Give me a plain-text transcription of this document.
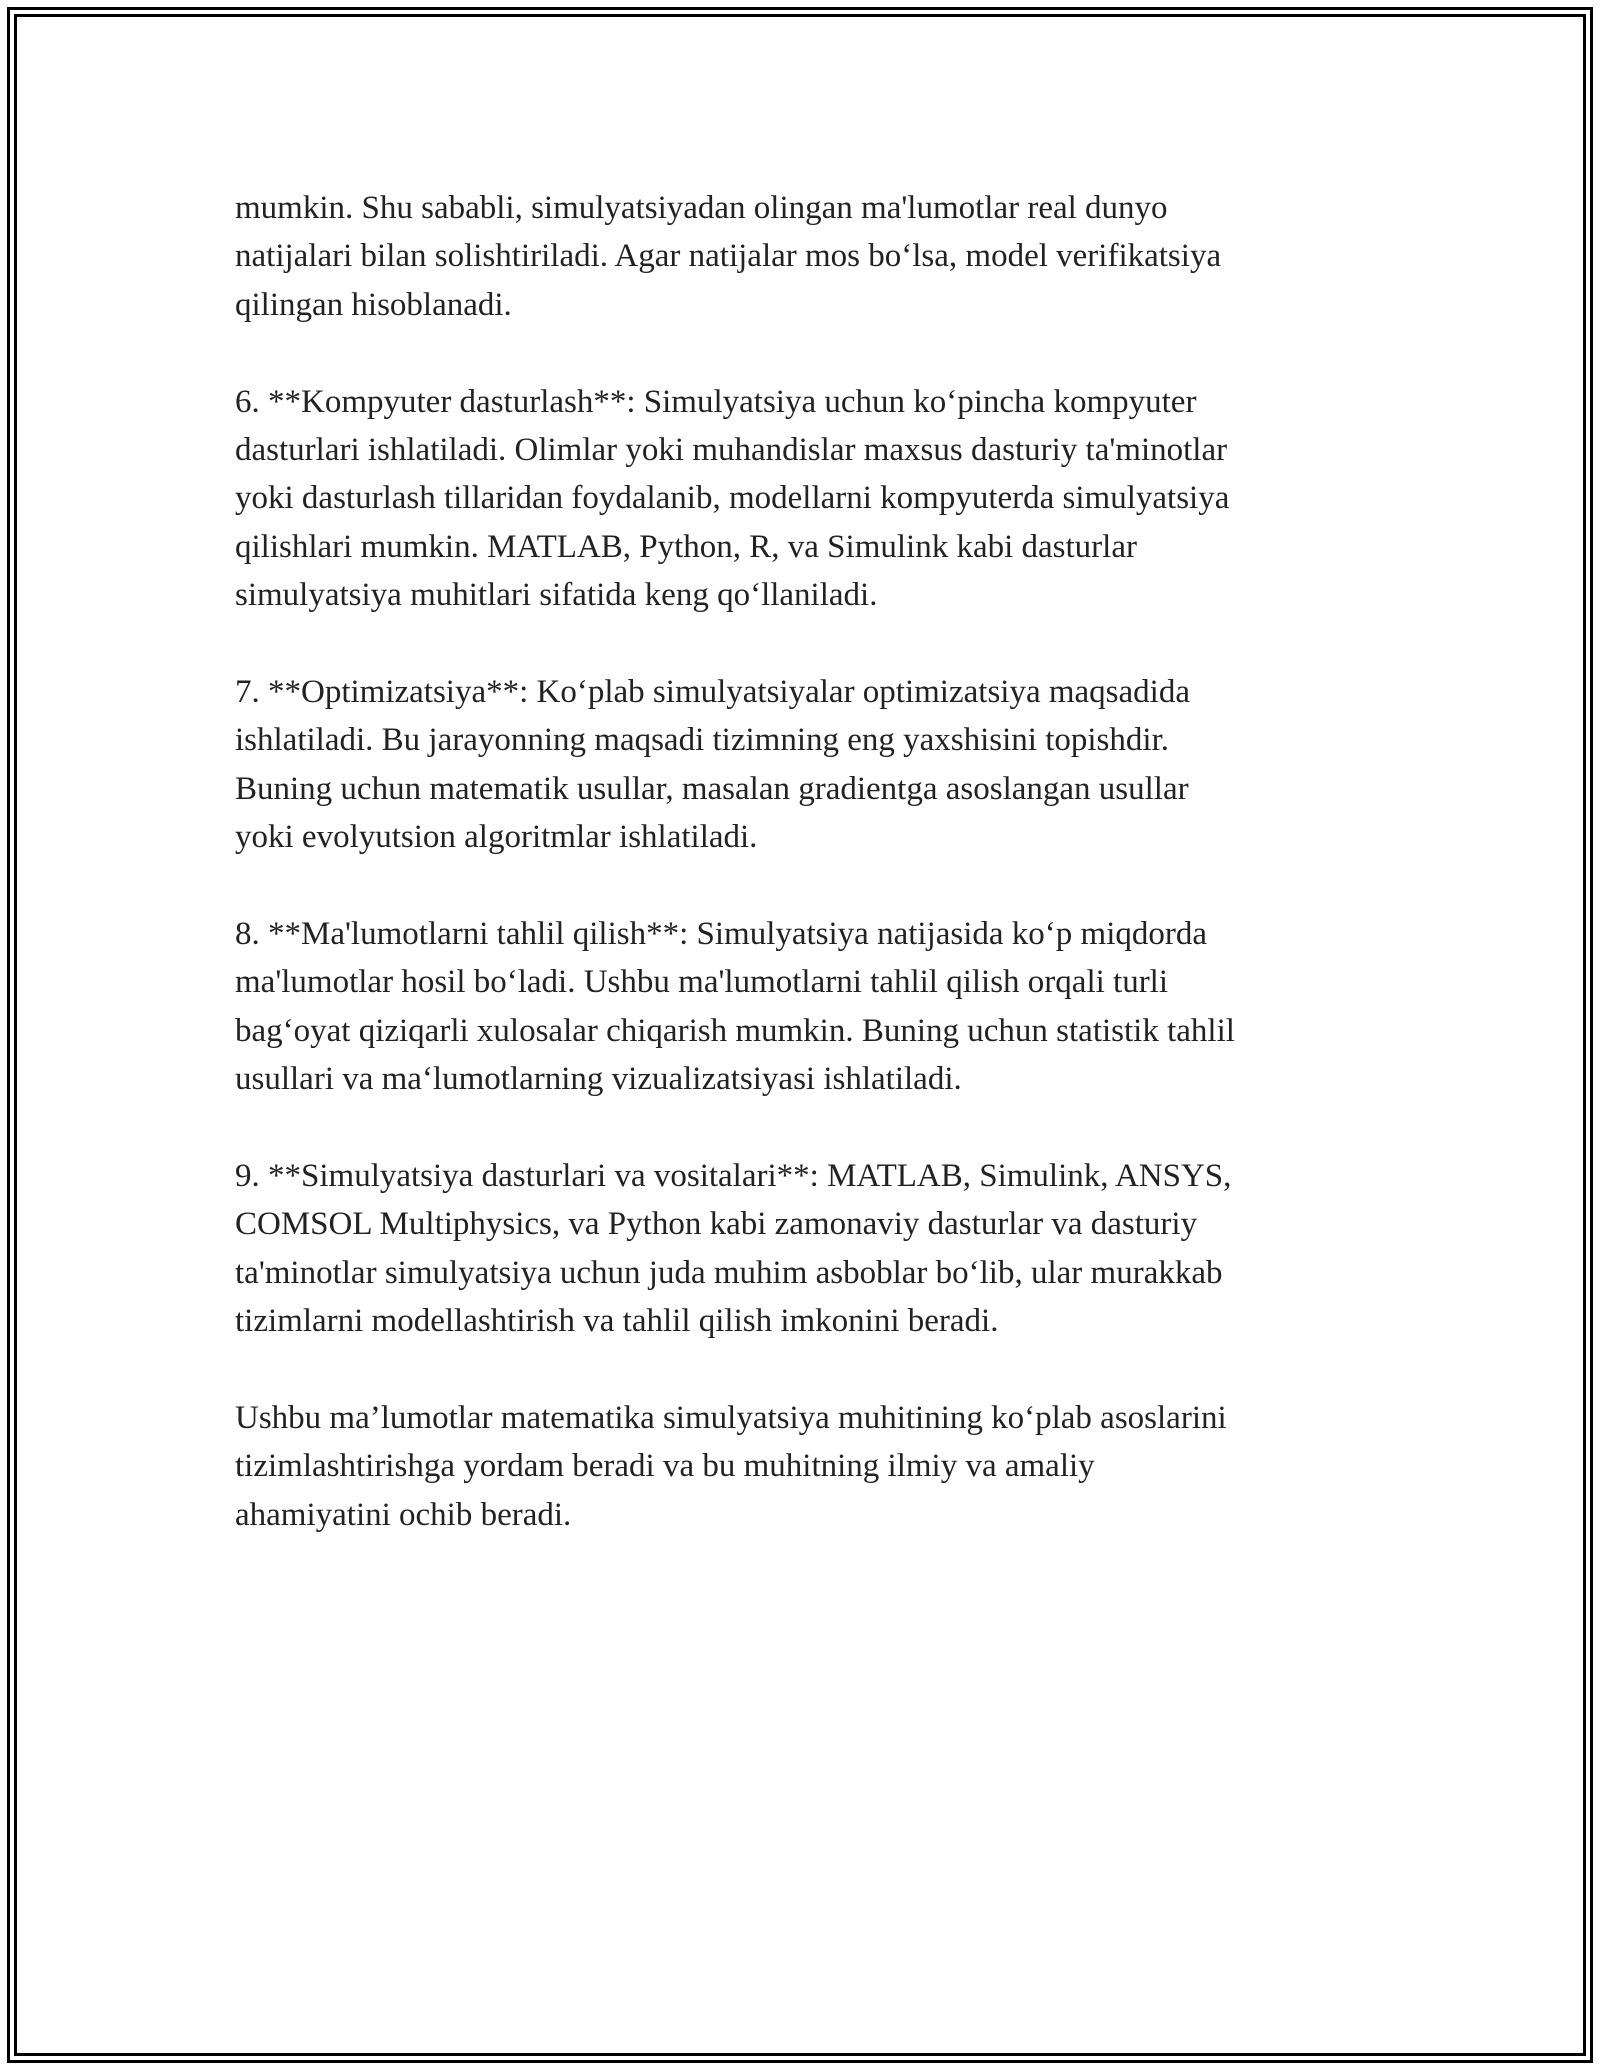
mumkin. Shu sababli, simulyatsiyadan olingan ma'lumotlar real dunyo
natijalari bilan solishtiriladi. Agar natijalar mos bo‘lsa, model verifikatsiya
qilingan hisoblanadi.

6. **Kompyuter dasturlash**: Simulyatsiya uchun ko‘pincha kompyuter
dasturlari ishlatiladi. Olimlar yoki muhandislar maxsus dasturiy ta'minotlar
yoki dasturlash tillaridan foydalanib, modellarni kompyuterda simulyatsiya
qilishlari mumkin. MATLAB, Python, R, va Simulink kabi dasturlar
simulyatsiya muhitlari sifatida keng qo‘llaniladi.

7. **Optimizatsiya**: Ko‘plab simulyatsiyalar optimizatsiya maqsadida
ishlatiladi. Bu jarayonning maqsadi tizimning eng yaxshisini topishdir.
Buning uchun matematik usullar, masalan gradientga asoslangan usullar
yoki evolyutsion algoritmlar ishlatiladi.

8. **Ma'lumotlarni tahlil qilish**: Simulyatsiya natijasida ko‘p miqdorda
ma'lumotlar hosil bo‘ladi. Ushbu ma'lumotlarni tahlil qilish orqali turli
bag‘oyat qiziqarli xulosalar chiqarish mumkin. Buning uchun statistik tahlil
usullari va ma‘lumotlarning vizualizatsiyasi ishlatiladi.

9. **Simulyatsiya dasturlari va vositalari**: MATLAB, Simulink, ANSYS,
COMSOL Multiphysics, va Python kabi zamonaviy dasturlar va dasturiy
ta'minotlar simulyatsiya uchun juda muhim asboblar bo‘lib, ular murakkab
tizimlarni modellashtirish va tahlil qilish imkonini beradi.

Ushbu ma’lumotlar matematika simulyatsiya muhitining ko‘plab asoslarini
tizimlashtirishga yordam beradi va bu muhitning ilmiy va amaliy
ahamiyatini ochib beradi.
